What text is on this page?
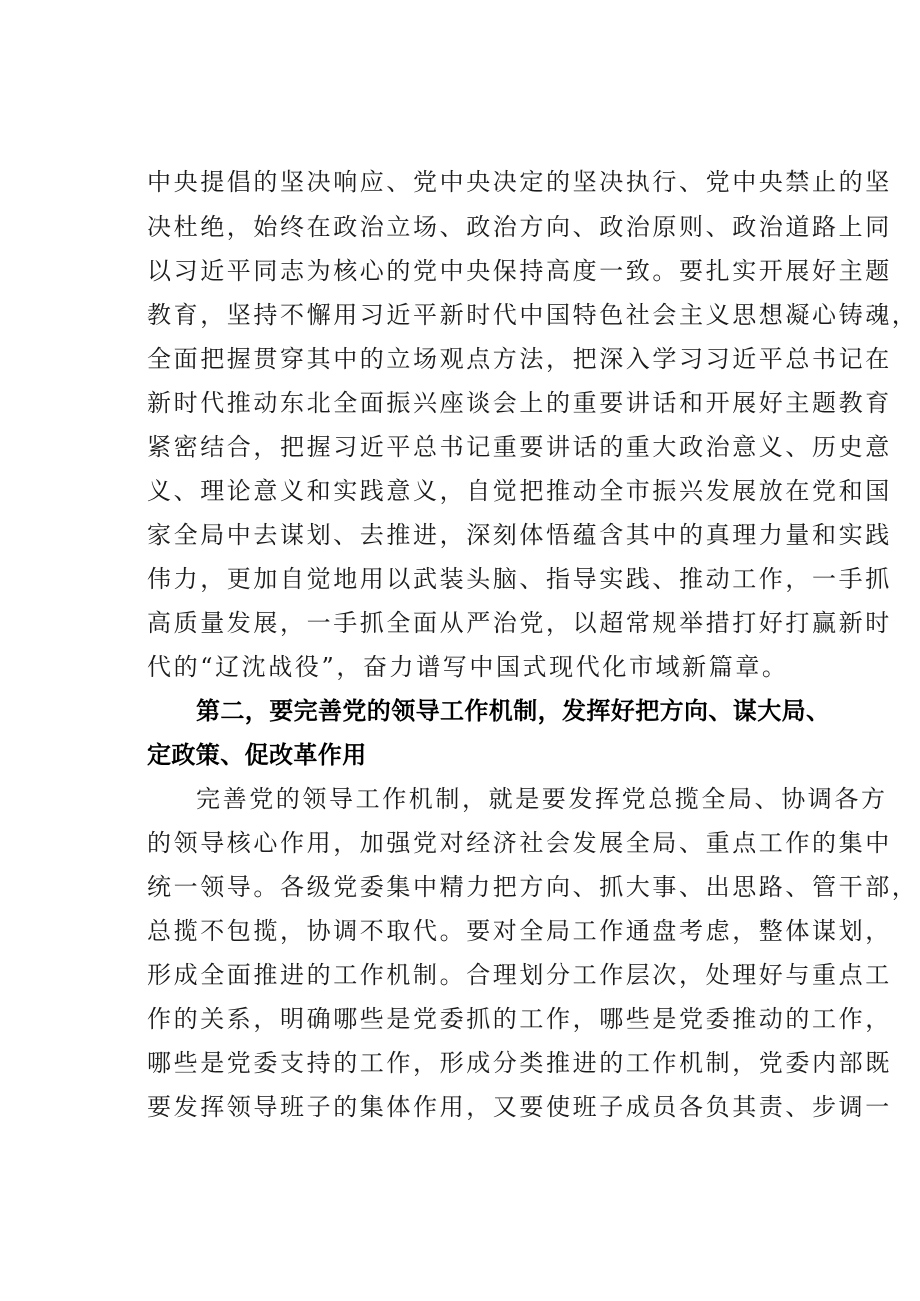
中央提倡的坚决响应、党中央决定的坚决执行、党中央禁止的坚
决杜绝，始终在政治立场、政治方向、政治原则、政治道路上同
以习近平同志为核心的党中央保持高度一致。要扎实开展好主题
教育，坚持不懈用习近平新时代中国特色社会主义思想凝心铸魂，
全面把握贯穿其中的立场观点方法，把深入学习习近平总书记在
新时代推动东北全面振兴座谈会上的重要讲话和开展好主题教育
紧密结合，把握习近平总书记重要讲话的重大政治意义、历史意
义、理论意义和实践意义，自觉把推动全市振兴发展放在党和国
家全局中去谋划、去推进，深刻体悟蕴含其中的真理力量和实践
伟力，更加自觉地用以武装头脑、指导实践、推动工作，一手抓
高质量发展，一手抓全面从严治党，以超常规举措打好打赢新时
代的“辽沈战役”，奋力谱写中国式现代化市域新篇章。
第二，要完善党的领导工作机制，发挥好把方向、谋大局、
定政策、促改革作用
完善党的领导工作机制，就是要发挥党总揽全局、协调各方
的领导核心作用，加强党对经济社会发展全局、重点工作的集中
统一领导。各级党委集中精力把方向、抓大事、出思路、管干部，
总揽不包揽，协调不取代。要对全局工作通盘考虑，整体谋划，
形成全面推进的工作机制。合理划分工作层次，处理好与重点工
作的关系，明确哪些是党委抓的工作，哪些是党委推动的工作，
哪些是党委支持的工作，形成分类推进的工作机制，党委内部既
要发挥领导班子的集体作用，又要使班子成员各负其责、步调一
